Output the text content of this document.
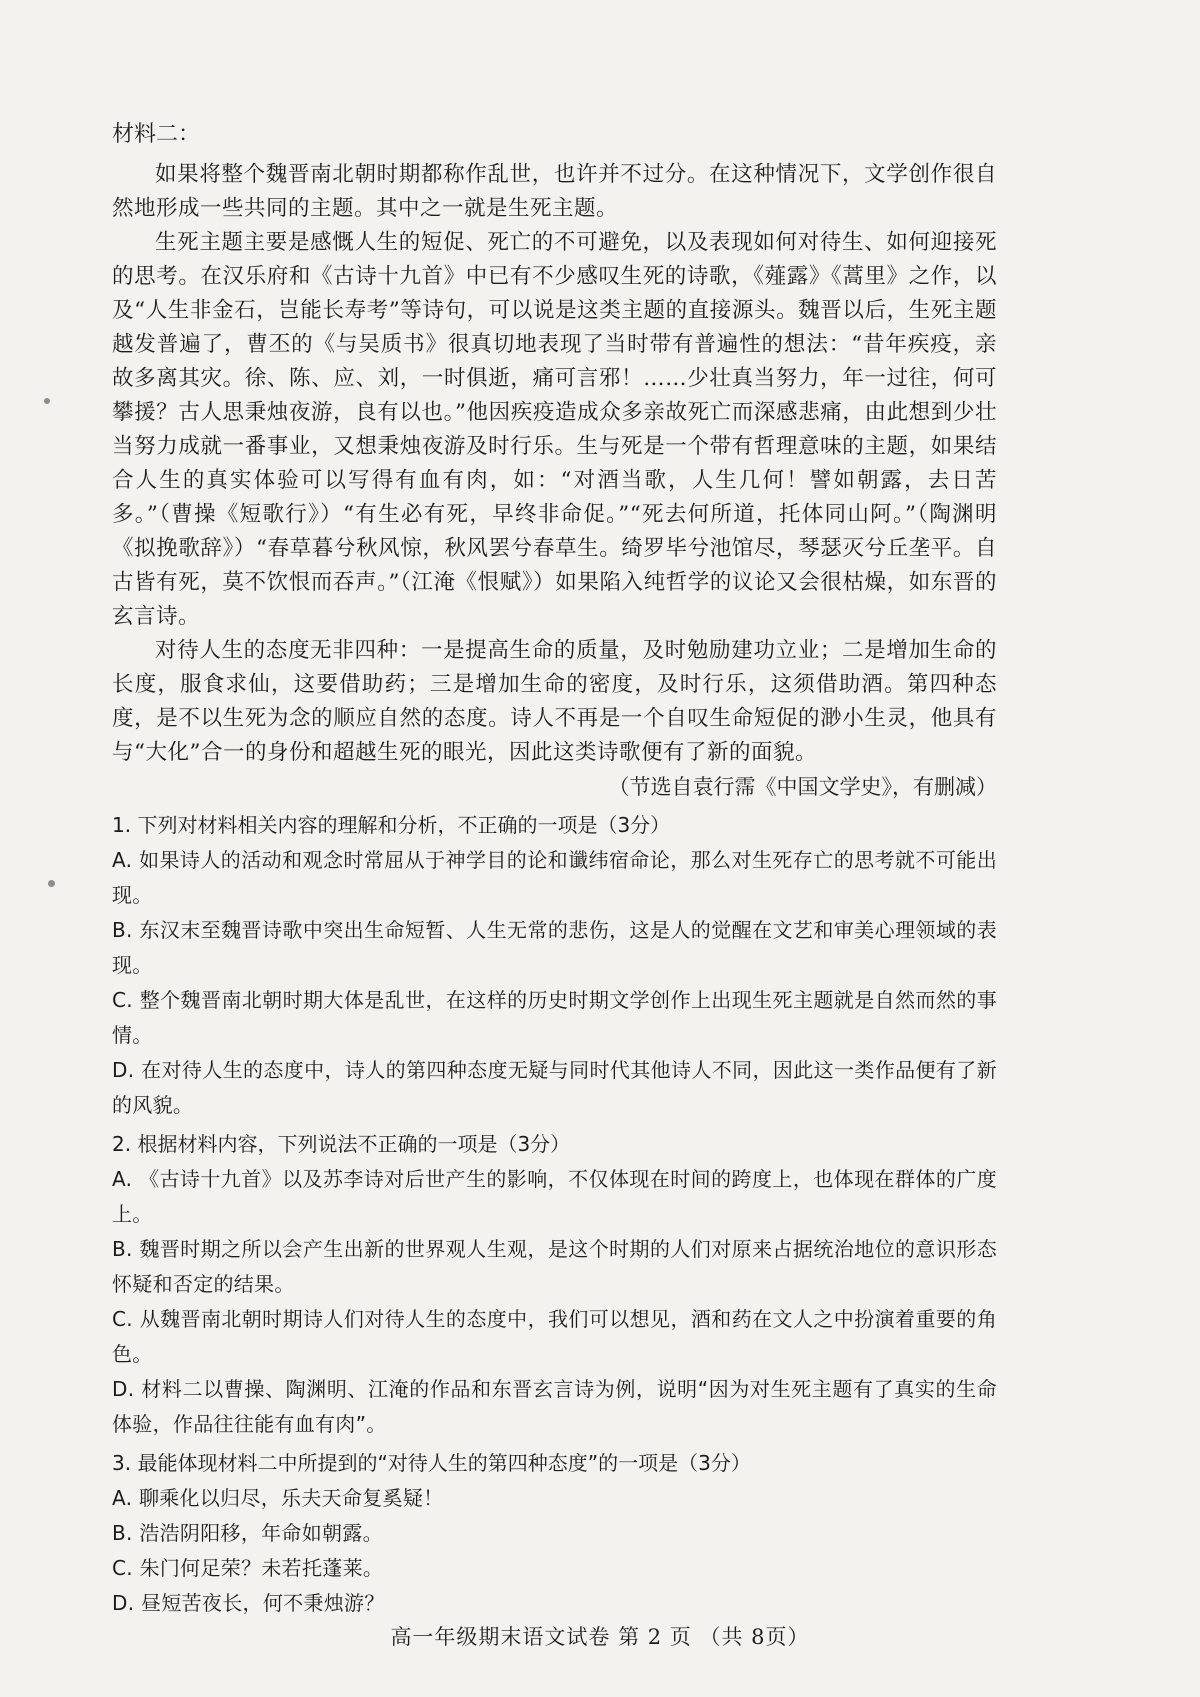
材料二：

如果将整个魏晋南北朝时期都称作乱世，也许并不过分。在这种情况下，文学创作很自然地形成一些共同的主题。其中之一就是生死主题。

生死主题主要是感慨人生的短促、死亡的不可避免，以及表现如何对待生、如何迎接死的思考。在汉乐府和《古诗十九首》中已有不少感叹生死的诗歌，《薤露》《蒿里》之作，以及“人生非金石，岂能长寿考”等诗句，可以说是这类主题的直接源头。魏晋以后，生死主题越发普遍了，曹丕的《与吴质书》很真切地表现了当时带有普遍性的想法：“昔年疾疫，亲故多离其灾。徐、陈、应、刘，一时俱逝，痛可言邪！……少壮真当努力，年一过往，何可攀援？古人思秉烛夜游，良有以也。”他因疾疫造成众多亲故死亡而深感悲痛，由此想到少壮当努力成就一番事业，又想秉烛夜游及时行乐。生与死是一个带有哲理意味的主题，如果结合人生的真实体验可以写得有血有肉，如：“对酒当歌，人生几何！譬如朝露，去日苦多。”（曹操《短歌行》）“有生必有死，早终非命促。”“死去何所道，托体同山阿。”（陶渊明《拟挽歌辞》）“春草暮兮秋风惊，秋风罢兮春草生。绮罗毕兮池馆尽，琴瑟灭兮丘垄平。自古皆有死，莫不饮恨而吞声。”（江淹《恨赋》）如果陷入纯哲学的议论又会很枯燥，如东晋的玄言诗。

对待人生的态度无非四种：一是提高生命的质量，及时勉励建功立业；二是增加生命的长度，服食求仙，这要借助药；三是增加生命的密度，及时行乐，这须借助酒。第四种态度，是不以生死为念的顺应自然的态度。诗人不再是一个自叹生命短促的渺小生灵，他具有与“大化”合一的身份和超越生死的眼光，因此这类诗歌便有了新的面貌。

（节选自袁行霈《中国文学史》，有删减）

1. 下列对材料相关内容的理解和分析，不正确的一项是（3分）

A. 如果诗人的活动和观念时常屈从于神学目的论和谶纬宿命论，那么对生死存亡的思考就不可能出现。

B. 东汉末至魏晋诗歌中突出生命短暂、人生无常的悲伤，这是人的觉醒在文艺和审美心理领域的表现。

C. 整个魏晋南北朝时期大体是乱世，在这样的历史时期文学创作上出现生死主题就是自然而然的事情。

D. 在对待人生的态度中，诗人的第四种态度无疑与同时代其他诗人不同，因此这一类作品便有了新的风貌。

2. 根据材料内容，下列说法不正确的一项是（3分）

A. 《古诗十九首》以及苏李诗对后世产生的影响，不仅体现在时间的跨度上，也体现在群体的广度上。

B. 魏晋时期之所以会产生出新的世界观人生观，是这个时期的人们对原来占据统治地位的意识形态怀疑和否定的结果。

C. 从魏晋南北朝时期诗人们对待人生的态度中，我们可以想见，酒和药在文人之中扮演着重要的角色。

D. 材料二以曹操、陶渊明、江淹的作品和东晋玄言诗为例，说明“因为对生死主题有了真实的生命体验，作品往往能有血有肉”。

3. 最能体现材料二中所提到的“对待人生的第四种态度”的一项是（3分）

A. 聊乘化以归尽，乐夫天命复奚疑！

B. 浩浩阴阳移，年命如朝露。

C. 朱门何足荣？未若托蓬莱。

D. 昼短苦夜长，何不秉烛游？

高一年级期末语文试卷 第 2 页 （共 8页）
